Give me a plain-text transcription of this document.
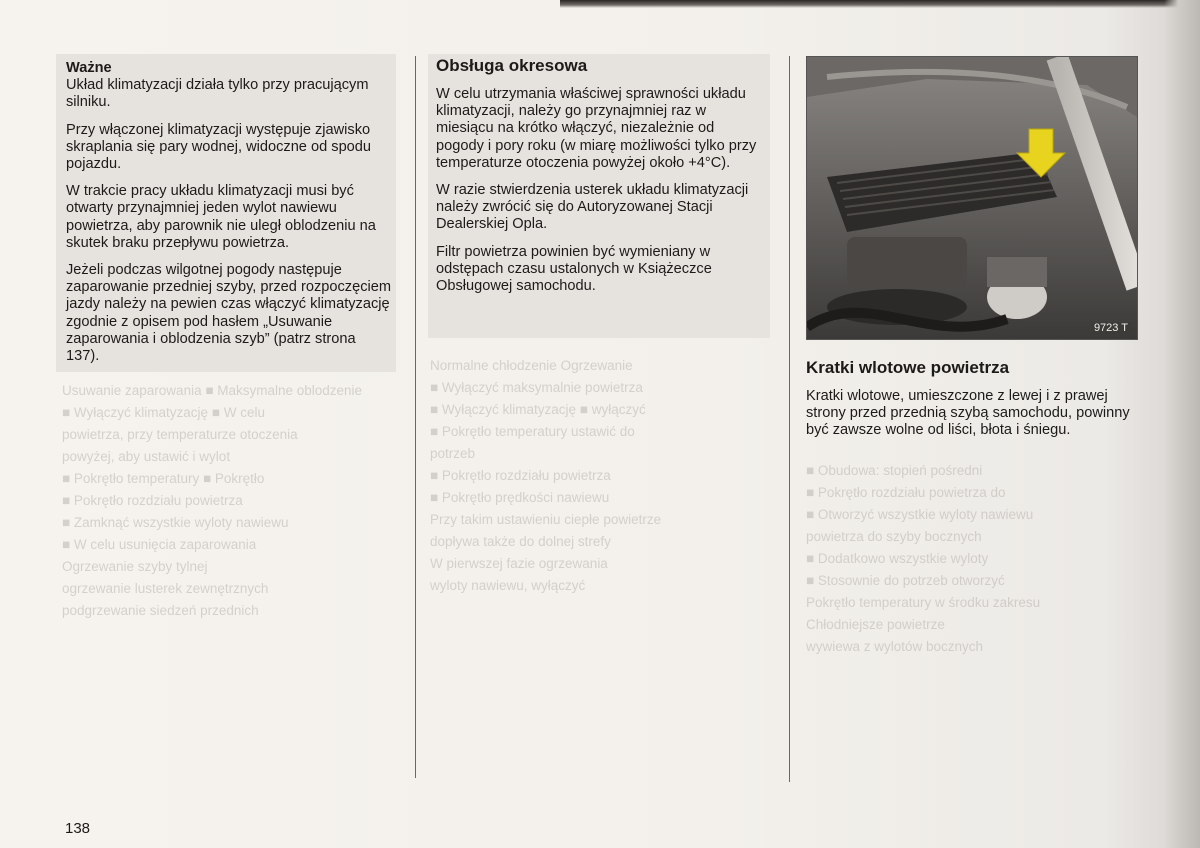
Usuwanie zaparowania ■ Maksymalne oblodzenie
■ Wyłączyć klimatyzację ■ W celu
powietrza, przy temperaturze otoczenia
powyżej, aby ustawić i wylot
■ Pokrętło temperatury ■ Pokrętło
■ Pokrętło rozdziału powietrza
■ Zamknąć wszystkie wyloty nawiewu
■ W celu usunięcia zaparowania
Ogrzewanie szyby tylnej
ogrzewanie lusterek zewnętrznych
podgrzewanie siedzeń przednich
Normalne chłodzenie Ogrzewanie
■ Wyłączyć maksymalnie powietrza
■ Wyłączyć klimatyzację ■ wyłączyć
■ Pokrętło temperatury ustawić do
potrzeb
■ Pokrętło rozdziału powietrza
■ Pokrętło prędkości nawiewu
Przy takim ustawieniu ciepłe powietrze
dopływa także do dolnej strefy
W pierwszej fazie ogrzewania
wyloty nawiewu, wyłączyć
■ Obudowa: stopień pośredni
■ Pokrętło rozdziału powietrza do
■ Otworzyć wszystkie wyloty nawiewu
powietrza do szyby bocznych
■ Dodatkowo wszystkie wyloty
■ Stosownie do potrzeb otworzyć
Pokrętło temperatury w środku zakresu
Chłodniejsze powietrze
wywiewa z wylotów bocznych

Ważne

Układ klimatyzacji działa tylko przy pracującym silniku.

Przy włączonej klimatyzacji występuje zjawisko skraplania się pary wodnej, widoczne od spodu pojazdu.

W trakcie pracy układu klimatyzacji musi być otwarty przynajmniej jeden wylot nawiewu powietrza, aby parownik nie uległ oblodzeniu na skutek braku przepływu powietrza.

Jeżeli podczas wilgotnej pogody następuje zaparowanie przedniej szyby, przed rozpoczęciem jazdy należy na pewien czas włączyć klimatyzację zgodnie z opisem pod hasłem „Usuwanie zaparowania i oblodzenia szyb” (patrz strona 137).

Obsługa okresowa

W celu utrzymania właściwej sprawności układu klimatyzacji, należy go przynajmniej raz w miesiącu na krótko włączyć, niezależnie od pogody i pory roku (w miarę możliwości tylko przy temperaturze otoczenia powyżej około +4°C).

W razie stwierdzenia usterek układu klimatyzacji należy zwrócić się do Autoryzowanej Stacji Dealerskiej Opla.

Filtr powietrza powinien być wymieniany w odstępach czasu ustalonych w Książeczce Obsługowej samochodu.

9723 T

Kratki wlotowe powietrza

Kratki wlotowe, umieszczone z lewej i z prawej strony przed przednią szybą samochodu, powinny być zawsze wolne od liści, błota i śniegu.

138
